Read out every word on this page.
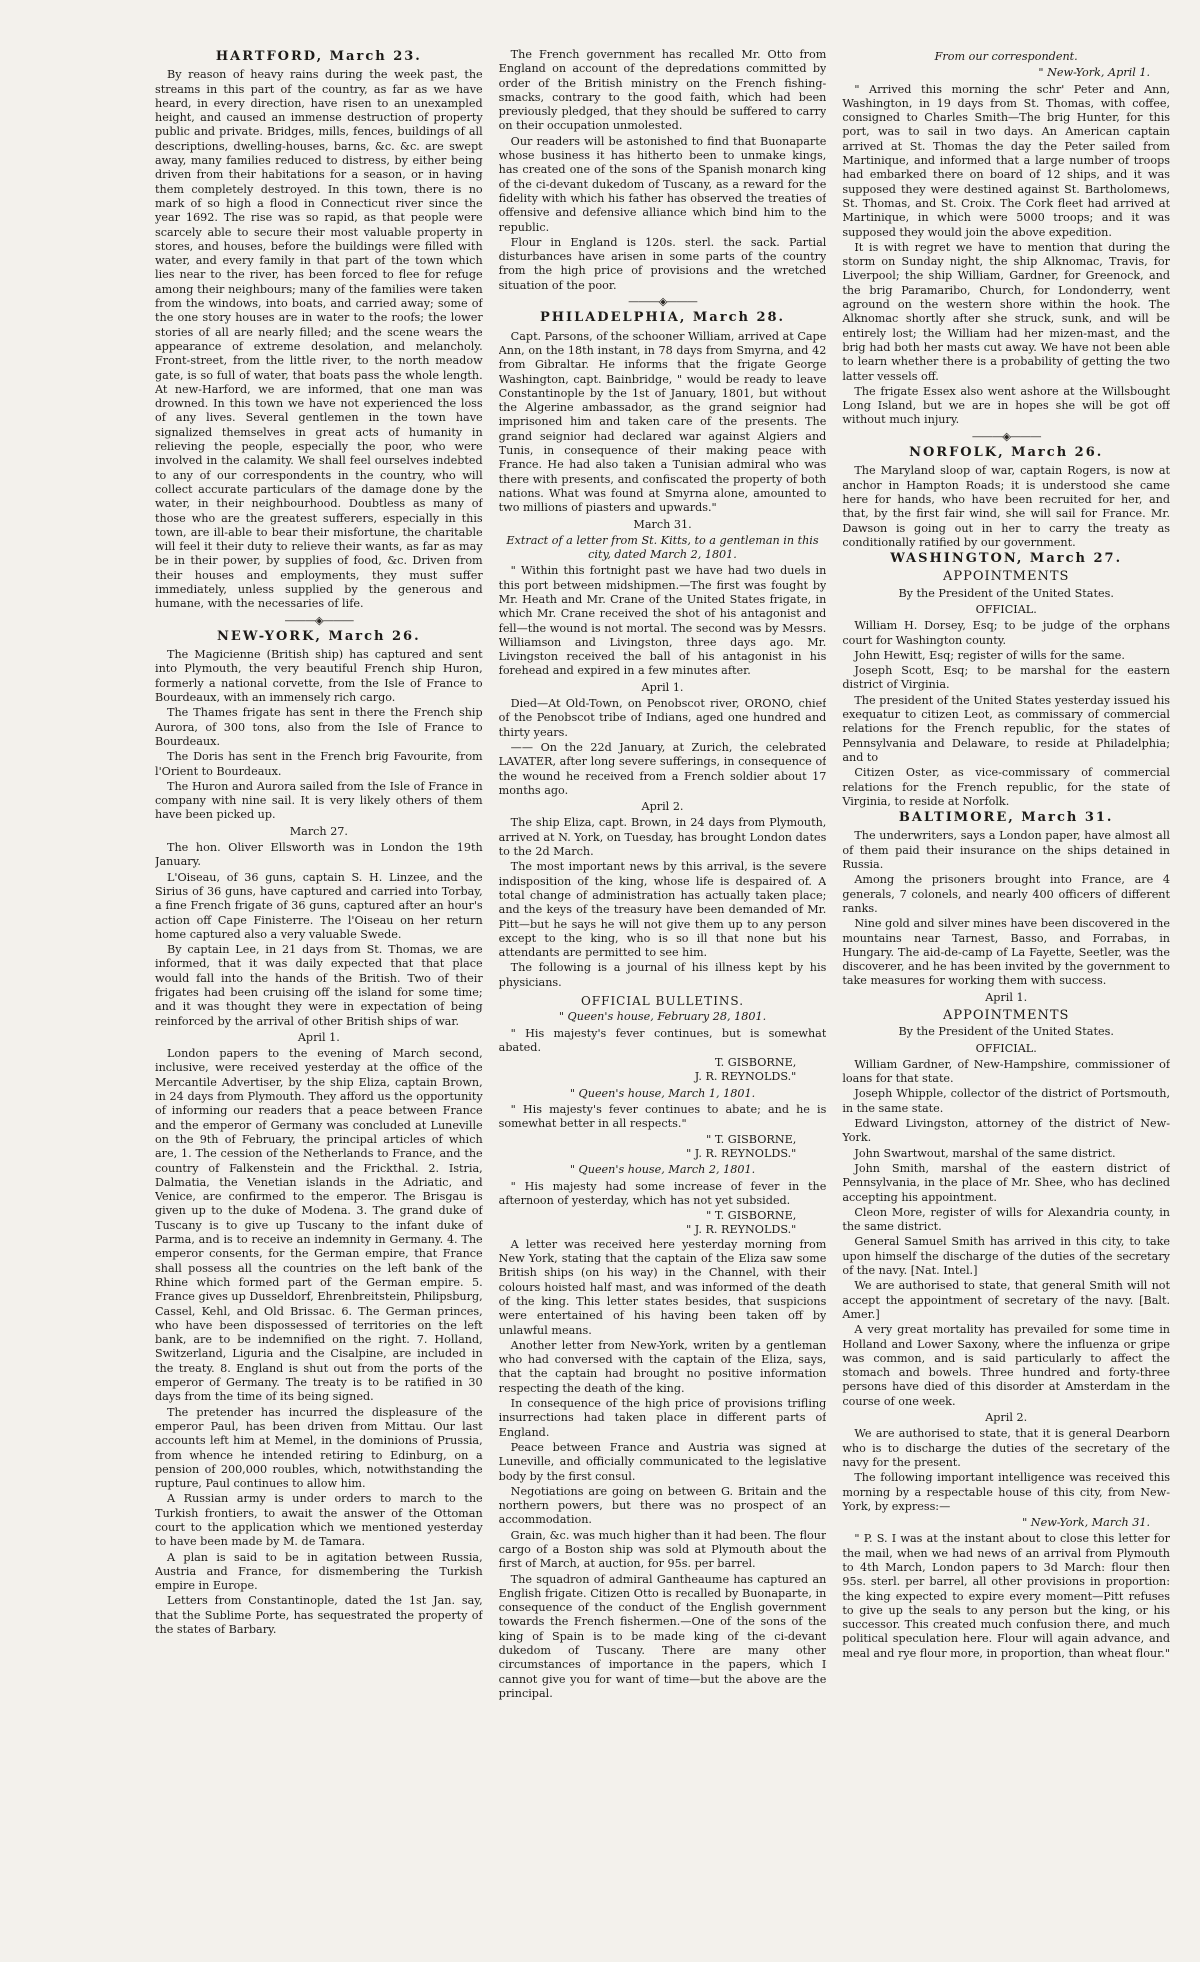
HARTFORD, March 23.

By reason of heavy rains during the week past, the streams in this part of the country, as far as we have heard, in every direction, have risen to an unexampled height, and caused an immense destruction of property public and private. Bridges, mills, fences, buildings of all descriptions, dwelling-houses, barns, &c. &c. are swept away, many families reduced to distress, by either being driven from their habitations for a season, or in having them completely destroyed. In this town, there is no mark of so high a flood in Connecticut river since the year 1692. The rise was so rapid, as that people were scarcely able to secure their most valuable property in stores, and houses, before the buildings were filled with water, and every family in that part of the town which lies near to the river, has been forced to flee for refuge among their neighbours; many of the families were taken from the windows, into boats, and carried away; some of the one story houses are in water to the roofs; the lower stories of all are nearly filled; and the scene wears the appearance of extreme desolation, and melancholy. Front-street, from the little river, to the north meadow gate, is so full of water, that boats pass the whole length. At new-Harford, we are informed, that one man was drowned. In this town we have not experienced the loss of any lives. Several gentlemen in the town have signalized themselves in great acts of humanity in relieving the people, especially the poor, who were involved in the calamity. We shall feel ourselves indebted to any of our correspondents in the country, who will collect accurate particulars of the damage done by the water, in their neighbourhood. Doubtless as many of those who are the greatest sufferers, especially in this town, are ill-able to bear their misfortune, the charitable will feel it their duty to relieve their wants, as far as may be in their power, by supplies of food, &c. Driven from their houses and employments, they must suffer immediately, unless supplied by the generous and humane, with the necessaries of life.

———◈———
NEW-YORK, March 26.

The Magicienne (British ship) has captured and sent into Plymouth, the very beautiful French ship Huron, formerly a national corvette, from the Isle of France to Bourdeaux, with an immensely rich cargo.

The Thames frigate has sent in there the French ship Aurora, of 300 tons, also from the Isle of France to Bourdeaux.

The Doris has sent in the French brig Favourite, from l'Orient to Bourdeaux.

The Huron and Aurora sailed from the Isle of France in company with nine sail. It is very likely others of them have been picked up.

March 27.

The hon. Oliver Ellsworth was in London the 19th January.

L'Oiseau, of 36 guns, captain S. H. Linzee, and the Sirius of 36 guns, have captured and carried into Torbay, a fine French frigate of 36 guns, captured after an hour's action off Cape Finisterre. The l'Oiseau on her return home captured also a very valuable Swede.

By captain Lee, in 21 days from St. Thomas, we are informed, that it was daily expected that that place would fall into the hands of the British. Two of their frigates had been cruising off the island for some time; and it was thought they were in expectation of being reinforced by the arrival of other British ships of war.

April 1.

London papers to the evening of March second, inclusive, were received yesterday at the office of the Mercantile Advertiser, by the ship Eliza, captain Brown, in 24 days from Plymouth. They afford us the opportunity of informing our readers that a peace between France and the emperor of Germany was concluded at Luneville on the 9th of February, the principal articles of which are, 1. The cession of the Netherlands to France, and the country of Falkenstein and the Frickthal. 2. Istria, Dalmatia, the Venetian islands in the Adriatic, and Venice, are confirmed to the emperor. The Brisgau is given up to the duke of Modena. 3. The grand duke of Tuscany is to give up Tuscany to the infant duke of Parma, and is to receive an indemnity in Germany. 4. The emperor consents, for the German empire, that France shall possess all the countries on the left bank of the Rhine which formed part of the German empire. 5. France gives up Dusseldorf, Ehrenbreitstein, Philipsburg, Cassel, Kehl, and Old Brissac. 6. The German princes, who have been dispossessed of territories on the left bank, are to be indemnified on the right. 7. Holland, Switzerland, Liguria and the Cisalpine, are included in the treaty. 8. England is shut out from the ports of the emperor of Germany. The treaty is to be ratified in 30 days from the time of its being signed.

The pretender has incurred the displeasure of the emperor Paul, has been driven from Mittau. Our last accounts left him at Memel, in the dominions of Prussia, from whence he intended retiring to Edinburg, on a pension of 200,000 roubles, which, notwithstanding the rupture, Paul continues to allow him.

A Russian army is under orders to march to the Turkish frontiers, to await the answer of the Ottoman court to the application which we mentioned yesterday to have been made by M. de Tamara.

A plan is said to be in agitation between Russia, Austria and France, for dismembering the Turkish empire in Europe.

Letters from Constantinople, dated the 1st Jan. say, that the Sublime Porte, has sequestrated the property of the states of Barbary.

The French government has recalled Mr. Otto from England on account of the depredations committed by order of the British ministry on the French fishing-smacks, contrary to the good faith, which had been previously pledged, that they should be suffered to carry on their occupation unmolested.

Our readers will be astonished to find that Buonaparte whose business it has hitherto been to unmake kings, has created one of the sons of the Spanish monarch king of the ci-devant dukedom of Tuscany, as a reward for the fidelity with which his father has observed the treaties of offensive and defensive alliance which bind him to the republic.

Flour in England is 120s. sterl. the sack. Partial disturbances have arisen in some parts of the country from the high price of provisions and the wretched situation of the poor.

———◈———
PHILADELPHIA, March 28.

Capt. Parsons, of the schooner William, arrived at Cape Ann, on the 18th instant, in 78 days from Smyrna, and 42 from Gibraltar. He informs that the frigate George Washington, capt. Bainbridge, " would be ready to leave Constantinople by the 1st of January, 1801, but without the Algerine ambassador, as the grand seignior had imprisoned him and taken care of the presents. The grand seignior had declared war against Algiers and Tunis, in consequence of their making peace with France. He had also taken a Tunisian admiral who was there with presents, and confiscated the property of both nations. What was found at Smyrna alone, amounted to two millions of piasters and upwards."

March 31.
Extract of a letter from St. Kitts, to a gentleman in this city, dated March 2, 1801.

" Within this fortnight past we have had two duels in this port between midshipmen.—The first was fought by Mr. Heath and Mr. Crane of the United States frigate, in which Mr. Crane received the shot of his antagonist and fell—the wound is not mortal. The second was by Messrs. Williamson and Livingston, three days ago. Mr. Livingston received the ball of his antagonist in his forehead and expired in a few minutes after.

April 1.

Died—At Old-Town, on Penobscot river, ORONO, chief of the Penobscot tribe of Indians, aged one hundred and thirty years.

—— On the 22d January, at Zurich, the celebrated LAVATER, after long severe sufferings, in consequence of the wound he received from a French soldier about 17 months ago.

April 2.

The ship Eliza, capt. Brown, in 24 days from Plymouth, arrived at N. York, on Tuesday, has brought London dates to the 2d March.

The most important news by this arrival, is the severe indisposition of the king, whose life is despaired of. A total change of administration has actually taken place; and the keys of the treasury have been demanded of Mr. Pitt—but he says he will not give them up to any person except to the king, who is so ill that none but his attendants are permitted to see him.

The following is a journal of his illness kept by his physicians.

OFFICIAL BULLETINS.
" Queen's house, February 28, 1801.

" His majesty's fever continues, but is somewhat abated.

T. GISBORNE,
J. R. REYNOLDS."
" Queen's house, March 1, 1801.

" His majesty's fever continues to abate; and he is somewhat better in all respects."

" T. GISBORNE,
" J. R. REYNOLDS."
" Queen's house, March 2, 1801.

" His majesty had some increase of fever in the afternoon of yesterday, which has not yet subsided.

" T. GISBORNE,
" J. R. REYNOLDS."

A letter was received here yesterday morning from New York, stating that the captain of the Eliza saw some British ships (on his way) in the Channel, with their colours hoisted half mast, and was informed of the death of the king. This letter states besides, that suspicions were entertained of his having been taken off by unlawful means.

Another letter from New-York, writen by a gentleman who had conversed with the captain of the Eliza, says, that the captain had brought no positive information respecting the death of the king.

In consequence of the high price of provisions trifling insurrections had taken place in different parts of England.

Peace between France and Austria was signed at Luneville, and officially communicated to the legislative body by the first consul.

Negotiations are going on between G. Britain and the northern powers, but there was no prospect of an accommodation.

Grain, &c. was much higher than it had been. The flour cargo of a Boston ship was sold at Plymouth about the first of March, at auction, for 95s. per barrel.

The squadron of admiral Gantheaume has captured an English frigate. Citizen Otto is recalled by Buonaparte, in consequence of the conduct of the English government towards the French fishermen.—One of the sons of the king of Spain is to be made king of the ci-devant dukedom of Tuscany. There are many other circumstances of importance in the papers, which I cannot give you for want of time—but the above are the principal.

From our correspondent.
" New-York, April 1.

" Arrived this morning the schr' Peter and Ann, Washington, in 19 days from St. Thomas, with coffee, consigned to Charles Smith—The brig Hunter, for this port, was to sail in two days. An American captain arrived at St. Thomas the day the Peter sailed from Martinique, and informed that a large number of troops had embarked there on board of 12 ships, and it was supposed they were destined against St. Bartholomews, St. Thomas, and St. Croix. The Cork fleet had arrived at Martinique, in which were 5000 troops; and it was supposed they would join the above expedition.

It is with regret we have to mention that during the storm on Sunday night, the ship Alknomac, Travis, for Liverpool; the ship William, Gardner, for Greenock, and the brig Paramaribo, Church, for Londonderry, went aground on the western shore within the hook. The Alknomac shortly after she struck, sunk, and will be entirely lost; the William had her mizen-mast, and the brig had both her masts cut away. We have not been able to learn whether there is a probability of getting the two latter vessels off.

The frigate Essex also went ashore at the Willsbought Long Island, but we are in hopes she will be got off without much injury.

———◈———
NORFOLK, March 26.

The Maryland sloop of war, captain Rogers, is now at anchor in Hampton Roads; it is understood she came here for hands, who have been recruited for her, and that, by the first fair wind, she will sail for France. Mr. Dawson is going out in her to carry the treaty as conditionally ratified by our government.

WASHINGTON, March 27.
APPOINTMENTS
By the President of the United States.
OFFICIAL.

William H. Dorsey, Esq; to be judge of the orphans court for Washington county.

John Hewitt, Esq; register of wills for the same.

Joseph Scott, Esq; to be marshal for the eastern district of Virginia.

The president of the United States yesterday issued his exequatur to citizen Leot, as commissary of commercial relations for the French republic, for the states of Pennsylvania and Delaware, to reside at Philadelphia; and to

Citizen Oster, as vice-commissary of commercial relations for the French republic, for the state of Virginia, to reside at Norfolk.

BALTIMORE, March 31.

The underwriters, says a London paper, have almost all of them paid their insurance on the ships detained in Russia.

Among the prisoners brought into France, are 4 generals, 7 colonels, and nearly 400 officers of different ranks.

Nine gold and silver mines have been discovered in the mountains near Tarnest, Basso, and Forrabas, in Hungary. The aid-de-camp of La Fayette, Seetler, was the discoverer, and he has been invited by the government to take measures for working them with success.

April 1.
APPOINTMENTS
By the President of the United States.
OFFICIAL.

William Gardner, of New-Hampshire, commissioner of loans for that state.

Joseph Whipple, collector of the district of Portsmouth, in the same state.

Edward Livingston, attorney of the district of New-York.

John Swartwout, marshal of the same district.

John Smith, marshal of the eastern district of Pennsylvania, in the place of Mr. Shee, who has declined accepting his appointment.

Cleon More, register of wills for Alexandria county, in the same district.

General Samuel Smith has arrived in this city, to take upon himself the discharge of the duties of the secretary of the navy. [Nat. Intel.]

We are authorised to state, that general Smith will not accept the appointment of secretary of the navy. [Balt. Amer.]

A very great mortality has prevailed for some time in Holland and Lower Saxony, where the influenza or gripe was common, and is said particularly to affect the stomach and bowels. Three hundred and forty-three persons have died of this disorder at Amsterdam in the course of one week.

April 2.

We are authorised to state, that it is general Dearborn who is to discharge the duties of the secretary of the navy for the present.

The following important intelligence was received this morning by a respectable house of this city, from New-York, by express:—

" New-York, March 31.

" P. S. I was at the instant about to close this letter for the mail, when we had news of an arrival from Plymouth to 4th March, London papers to 3d March: flour then 95s. sterl. per barrel, all other provisions in proportion: the king expected to expire every moment—Pitt refuses to give up the seals to any person but the king, or his successor. This created much confusion there, and much political speculation here. Flour will again advance, and meal and rye flour more, in proportion, than wheat flour."
